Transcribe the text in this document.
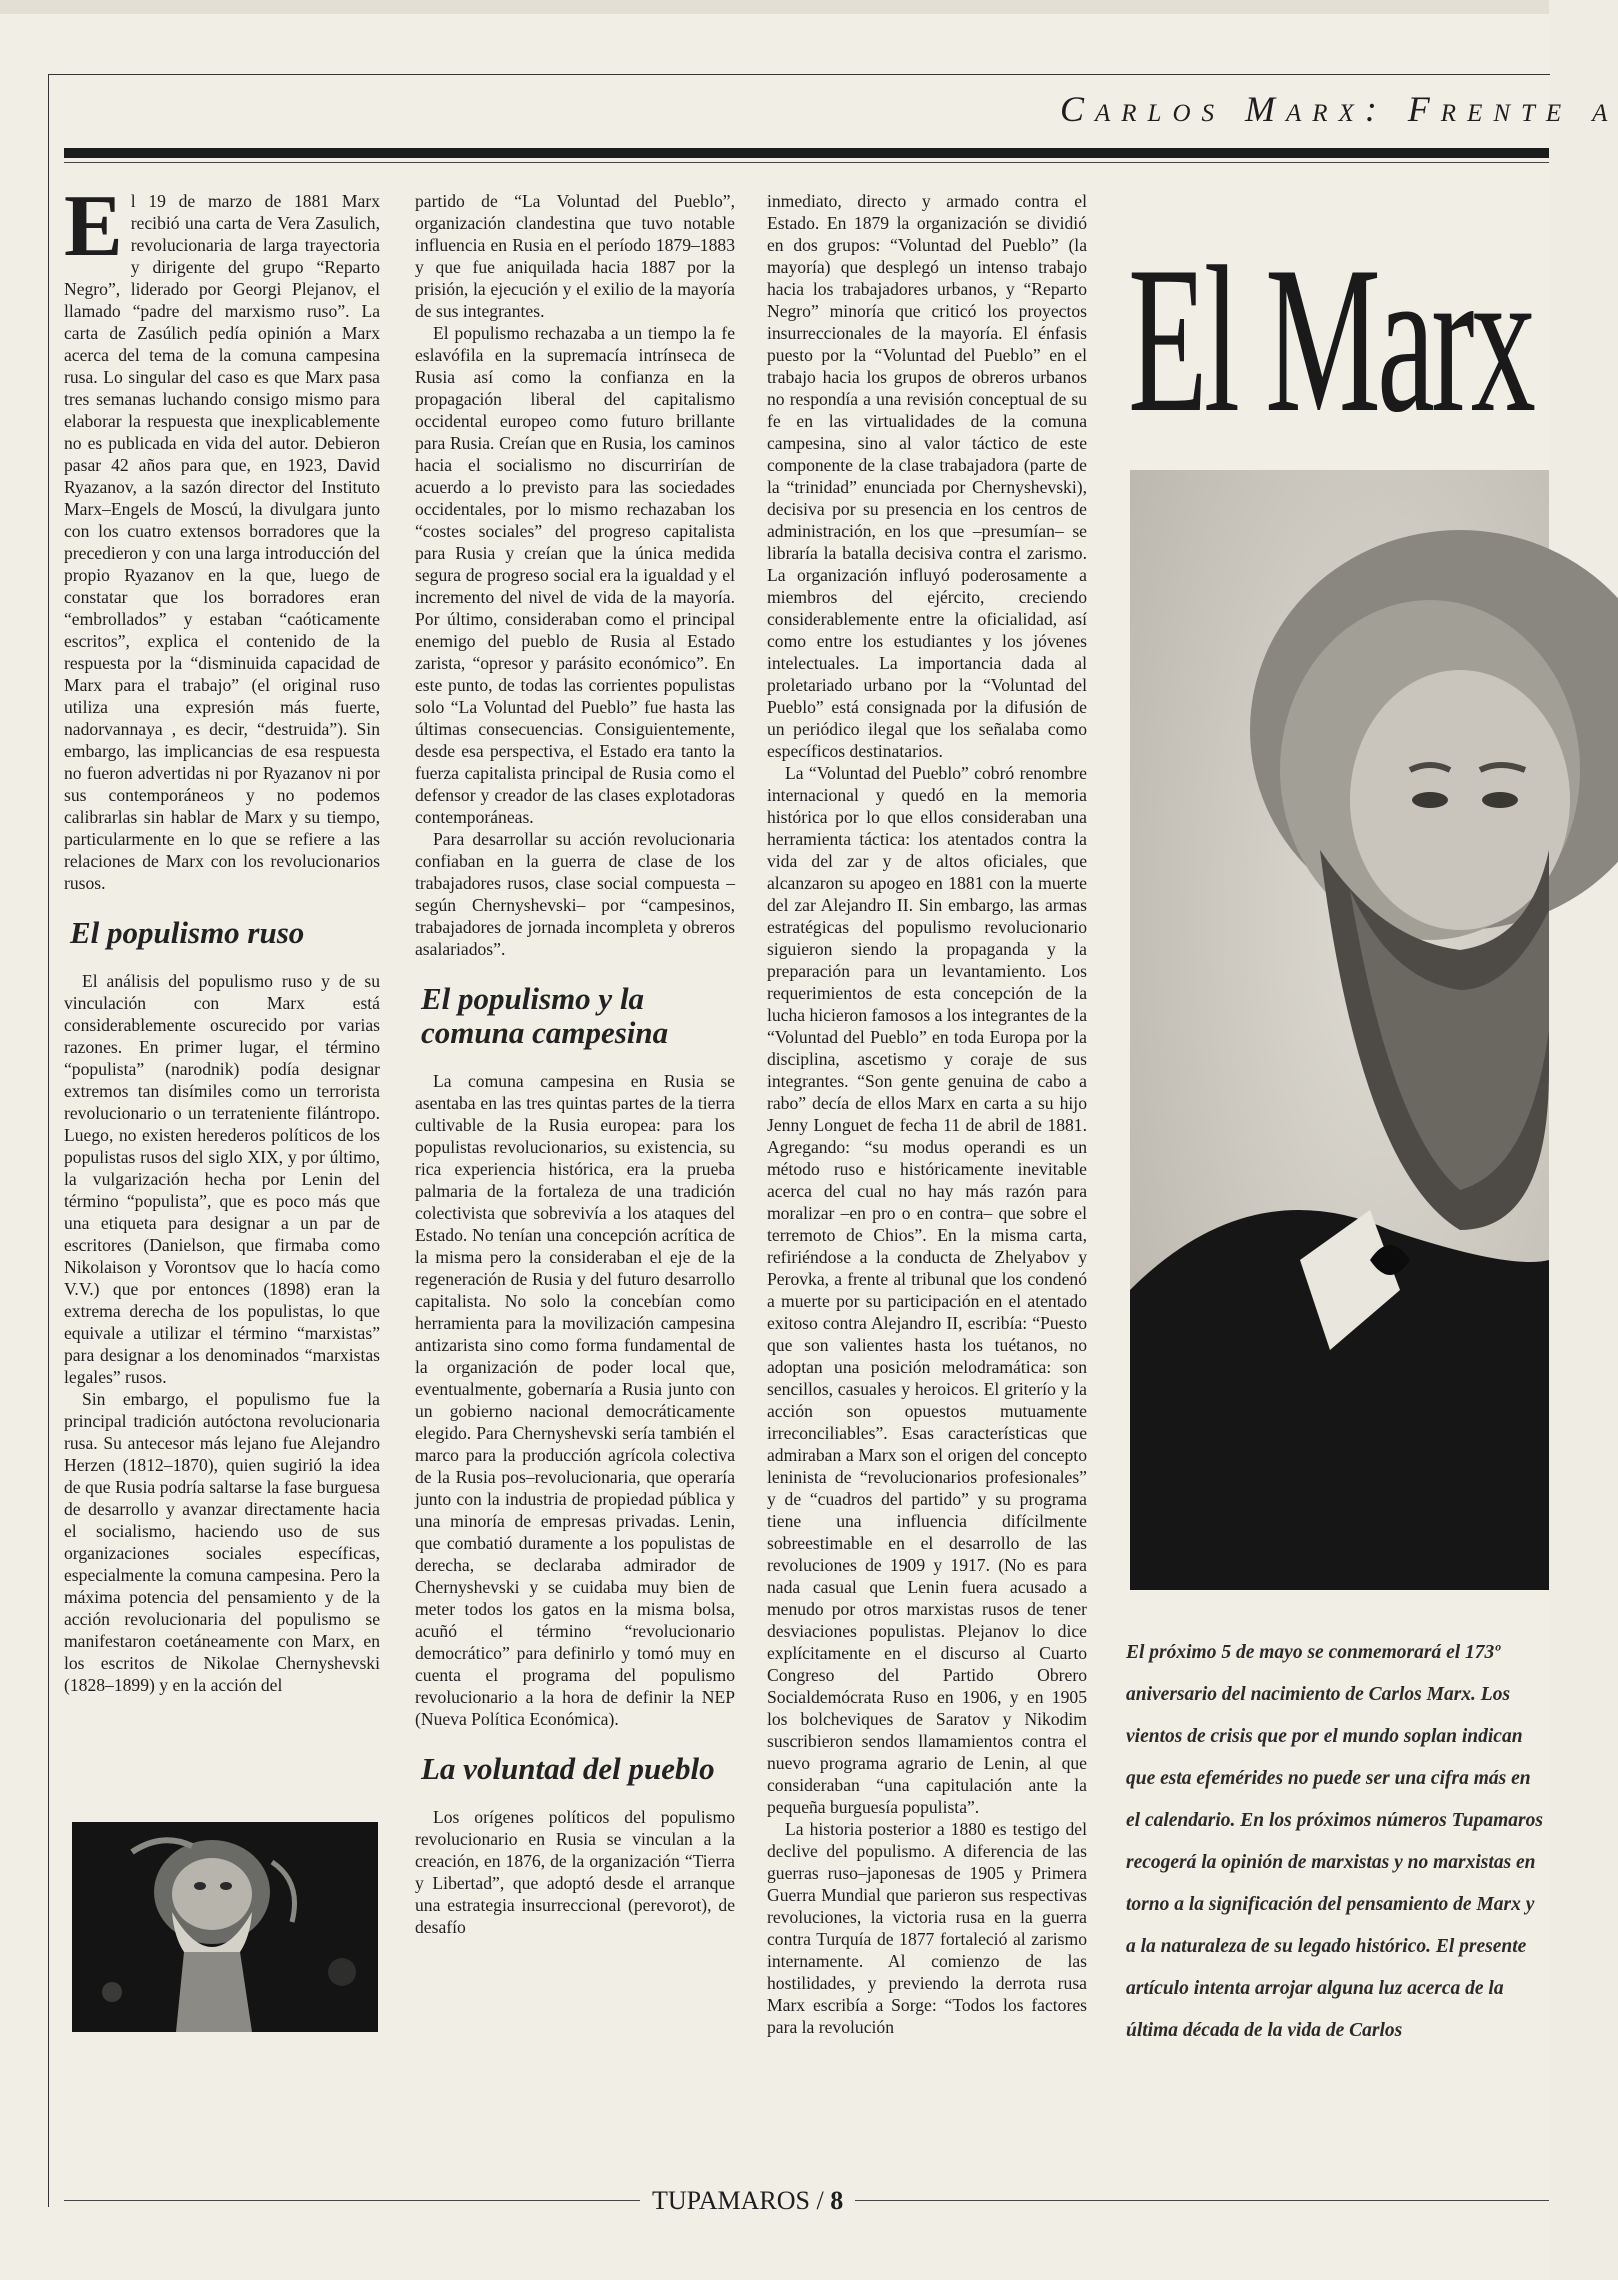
Carlos Marx: Frente a

El 19 de marzo de 1881 Marx recibió una carta de Vera Zasulich, revolucionaria de larga trayectoria y dirigente del grupo “Reparto Negro”, liderado por Georgi Plejanov, el llamado “padre del marxismo ruso”. La carta de Zasúlich pedía opinión a Marx acerca del tema de la comuna campesina rusa. Lo singular del caso es que Marx pasa tres semanas luchando consigo mismo para elaborar la respuesta que inexplicablemente no es publicada en vida del autor. Debieron pasar 42 años para que, en 1923, David Ryazanov, a la sazón director del Instituto Marx–Engels de Moscú, la divulgara junto con los cuatro extensos borradores que la precedieron y con una larga introducción del propio Ryazanov en la que, luego de constatar que los borradores eran “embrollados” y estaban “caóticamente escritos”, explica el contenido de la respuesta por la “disminuida capacidad de Marx para el trabajo” (el original ruso utiliza una expresión más fuerte, nadorvannaya , es decir, “destruida”). Sin embargo, las implicancias de esa respuesta no fueron advertidas ni por Ryazanov ni por sus contemporáneos y no podemos calibrarlas sin hablar de Marx y su tiempo, particularmente en lo que se refiere a las relaciones de Marx con los revolucionarios rusos.

El populismo ruso

El análisis del populismo ruso y de su vinculación con Marx está considerablemente oscurecido por varias razones. En primer lugar, el término “populista” (narodnik) podía designar extremos tan disímiles como un terrorista revolucionario o un terrateniente filántropo. Luego, no existen herederos políticos de los populistas rusos del siglo XIX, y por último, la vulgarización hecha por Lenin del término “populista”, que es poco más que una etiqueta para designar a un par de escritores (Danielson, que firmaba como Nikolaison y Vorontsov que lo hacía como V.V.) que por entonces (1898) eran la extrema derecha de los populistas, lo que equivale a utilizar el término “marxistas” para designar a los denominados “marxistas legales” rusos.

Sin embargo, el populismo fue la principal tradición autóctona revolucionaria rusa. Su antecesor más lejano fue Alejandro Herzen (1812–1870), quien sugirió la idea de que Rusia podría saltarse la fase burguesa de desarrollo y avanzar directamente hacia el socialismo, haciendo uso de sus organizaciones sociales específicas, especialmente la comuna campesina. Pero la máxima potencia del pensamiento y de la acción revolucionaria del populismo se manifestaron coetáneamente con Marx, en los escritos de Nikolae Chernyshevski (1828–1899) y en la acción del

partido de “La Voluntad del Pueblo”, organización clandestina que tuvo notable influencia en Rusia en el período 1879–1883 y que fue aniquilada hacia 1887 por la prisión, la ejecución y el exilio de la mayoría de sus integrantes.

El populismo rechazaba a un tiempo la fe eslavófila en la supremacía intrínseca de Rusia así como la confianza en la propagación liberal del capitalismo occidental europeo como futuro brillante para Rusia. Creían que en Rusia, los caminos hacia el socialismo no discurrirían de acuerdo a lo previsto para las sociedades occidentales, por lo mismo rechazaban los “costes sociales” del progreso capitalista para Rusia y creían que la única medida segura de progreso social era la igualdad y el incremento del nivel de vida de la mayoría. Por último, consideraban como el principal enemigo del pueblo de Rusia al Estado zarista, “opresor y parásito económico”. En este punto, de todas las corrientes populistas solo “La Voluntad del Pueblo” fue hasta las últimas consecuencias. Consiguientemente, desde esa perspectiva, el Estado era tanto la fuerza capitalista principal de Rusia como el defensor y creador de las clases explotadoras contemporáneas.

Para desarrollar su acción revolucionaria confiaban en la guerra de clase de los trabajadores rusos, clase social compuesta –según Chernyshevski– por “campesinos, trabajadores de jornada incompleta y obreros asalariados”.

El populismo y la comuna campesina

La comuna campesina en Rusia se asentaba en las tres quintas partes de la tierra cultivable de la Rusia europea: para los populistas revolucionarios, su existencia, su rica experiencia histórica, era la prueba palmaria de la fortaleza de una tradición colectivista que sobrevivía a los ataques del Estado. No tenían una concepción acrítica de la misma pero la consideraban el eje de la regeneración de Rusia y del futuro desarrollo capitalista. No solo la concebían como herramienta para la movilización campesina antizarista sino como forma fundamental de la organización de poder local que, eventualmente, gobernaría a Rusia junto con un gobierno nacional democráticamente elegido. Para Chernyshevski sería también el marco para la producción agrícola colectiva de la Rusia pos–revolucionaria, que operaría junto con la industria de propiedad pública y una minoría de empresas privadas. Lenin, que combatió duramente a los populistas de derecha, se declaraba admirador de Chernyshevski y se cuidaba muy bien de meter todos los gatos en la misma bolsa, acuñó el término “revolucionario democrático” para definirlo y tomó muy en cuenta el programa del populismo revolucionario a la hora de definir la NEP (Nueva Política Económica).

La voluntad del pueblo

Los orígenes políticos del populismo revolucionario en Rusia se vinculan a la creación, en 1876, de la organización “Tierra y Libertad”, que adoptó desde el arranque una estrategia insurreccional (perevorot), de desafío

inmediato, directo y armado contra el Estado. En 1879 la organización se dividió en dos grupos: “Voluntad del Pueblo” (la mayoría) que desplegó un intenso trabajo hacia los trabajadores urbanos, y “Reparto Negro” minoría que criticó los proyectos insurreccionales de la mayoría. El énfasis puesto por la “Voluntad del Pueblo” en el trabajo hacia los grupos de obreros urbanos no respondía a una revisión conceptual de su fe en las virtualidades de la comuna campesina, sino al valor táctico de este componente de la clase trabajadora (parte de la “trinidad” enunciada por Chernyshevski), decisiva por su presencia en los centros de administración, en los que –presumían– se libraría la batalla decisiva contra el zarismo. La organización influyó poderosamente a miembros del ejército, creciendo considerablemente entre la oficialidad, así como entre los estudiantes y los jóvenes intelectuales. La importancia dada al proletariado urbano por la “Voluntad del Pueblo” está consignada por la difusión de un periódico ilegal que los señalaba como específicos destinatarios.

La “Voluntad del Pueblo” cobró renombre internacional y quedó en la memoria histórica por lo que ellos consideraban una herramienta táctica: los atentados contra la vida del zar y de altos oficiales, que alcanzaron su apogeo en 1881 con la muerte del zar Alejandro II. Sin embargo, las armas estratégicas del populismo revolucionario siguieron siendo la propaganda y la preparación para un levantamiento. Los requerimientos de esta concepción de la lucha hicieron famosos a los integrantes de la “Voluntad del Pueblo” en toda Europa por la disciplina, ascetismo y coraje de sus integrantes. “Son gente genuina de cabo a rabo” decía de ellos Marx en carta a su hijo Jenny Longuet de fecha 11 de abril de 1881. Agregando: “su modus operandi es un método ruso e históricamente inevitable acerca del cual no hay más razón para moralizar –en pro o en contra– que sobre el terremoto de Chios”. En la misma carta, refiriéndose a la conducta de Zhelyabov y Perovka, a frente al tribunal que los condenó a muerte por su participación en el atentado exitoso contra Alejandro II, escribía: “Puesto que son valientes hasta los tuétanos, no adoptan una posición melodramática: son sencillos, casuales y heroicos. El griterío y la acción son opuestos mutuamente irreconciliables”. Esas características que admiraban a Marx son el origen del concepto leninista de “revolucionarios profesionales” y de “cuadros del partido” y su programa tiene una influencia difícilmente sobreestimable en el desarrollo de las revoluciones de 1909 y 1917. (No es para nada casual que Lenin fuera acusado a menudo por otros marxistas rusos de tener desviaciones populistas. Plejanov lo dice explícitamente en el discurso al Cuarto Congreso del Partido Obrero Socialdemócrata Ruso en 1906, y en 1905 los bolcheviques de Saratov y Nikodim suscribieron sendos llamamientos contra el nuevo programa agrario de Lenin, al que consideraban “una capitulación ante la pequeña burguesía populista”.

La historia posterior a 1880 es testigo del declive del populismo. A diferencia de las guerras ruso–japonesas de 1905 y Primera Guerra Mundial que parieron sus respectivas revoluciones, la victoria rusa en la guerra contra Turquía de 1877 fortaleció al zarismo internamente. Al comienzo de las hostilidades, y previendo la derrota rusa Marx escribía a Sorge: “Todos los factores para la revolución

El Marx
El próximo 5 de mayo se conmemorará el 173º aniversario del nacimiento de Carlos Marx. Los vientos de crisis que por el mundo soplan indican que esta efemérides no puede ser una cifra más en el calendario. En los próximos números Tupamaros recogerá la opinión de marxistas y no marxistas en torno a la significación del pensamiento de Marx y a la naturaleza de su legado histórico. El presente artículo intenta arrojar alguna luz acerca de la última década de la vida de Carlos
TUPAMAROS / 8
